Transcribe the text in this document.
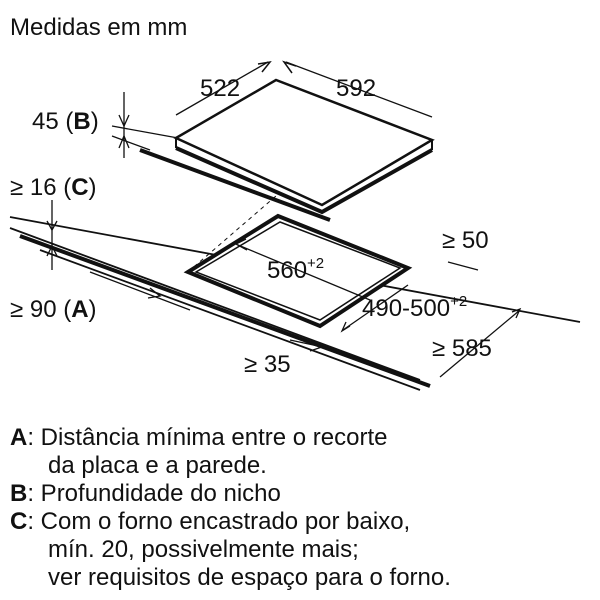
Medidas em mm
522	592
45 (B)
≥ 16 (C)
≥ 90 (A)
$560^{+2}$
$490-500^{+2}$
≥ 50
≥ 585
≥ 35
A: Distância mínima entre o recorte
da placa e a parede.
B: Profundidade do nicho
C: Com o forno encastrado por baixo,
mín. 20, possivelmente mais;
ver requisitos de espaço para o forno.
